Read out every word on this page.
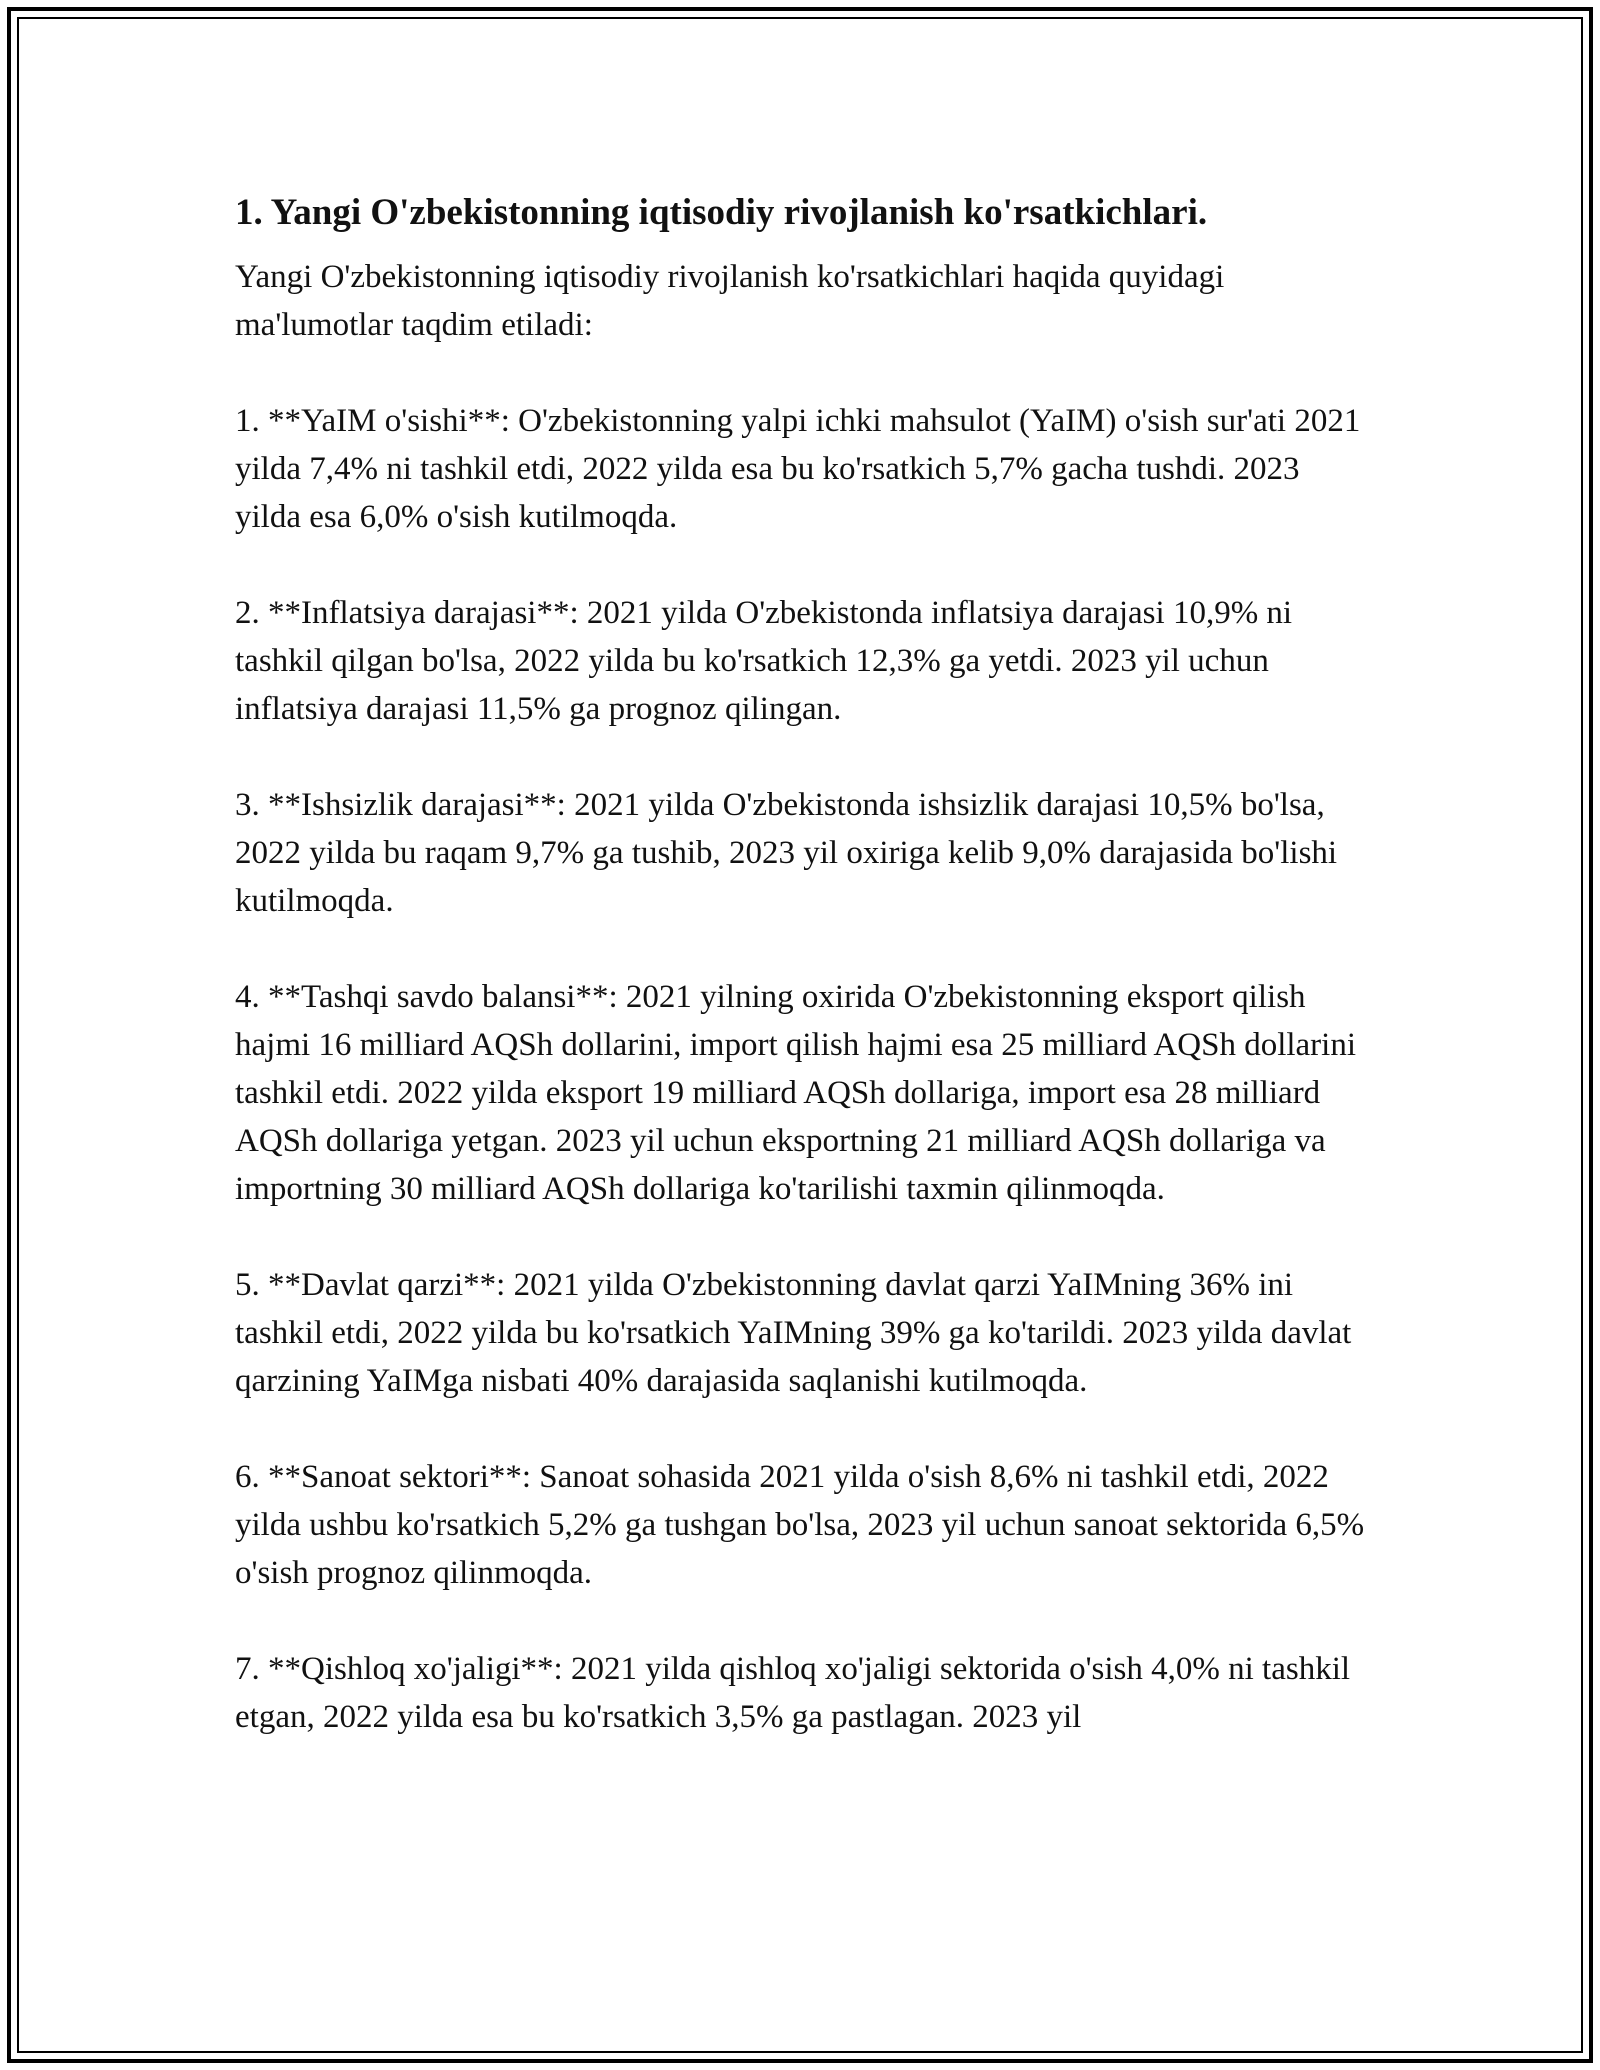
1. Yangi O'zbekistonning iqtisodiy rivojlanish ko'rsatkichlari.

Yangi O'zbekistonning iqtisodiy rivojlanish ko'rsatkichlari haqida quyidagi ma'lumotlar taqdim etiladi:

1. **YaIM o'sishi**: O'zbekistonning yalpi ichki mahsulot (YaIM) o'sish sur'ati 2021 yilda 7,4% ni tashkil etdi, 2022 yilda esa bu ko'rsatkich 5,7% gacha tushdi. 2023 yilda esa 6,0% o'sish kutilmoqda.

2. **Inflatsiya darajasi**: 2021 yilda O'zbekistonda inflatsiya darajasi 10,9% ni tashkil qilgan bo'lsa, 2022 yilda bu ko'rsatkich 12,3% ga yetdi. 2023 yil uchun inflatsiya darajasi 11,5% ga prognoz qilingan.

3. **Ishsizlik darajasi**: 2021 yilda O'zbekistonda ishsizlik darajasi 10,5% bo'lsa, 2022 yilda bu raqam 9,7% ga tushib, 2023 yil oxiriga kelib 9,0% darajasida bo'lishi kutilmoqda.

4. **Tashqi savdo balansi**: 2021 yilning oxirida O'zbekistonning eksport qilish hajmi 16 milliard AQSh dollarini, import qilish hajmi esa 25 milliard AQSh dollarini tashkil etdi. 2022 yilda eksport 19 milliard AQSh dollariga, import esa 28 milliard AQSh dollariga yetgan. 2023 yil uchun eksportning 21 milliard AQSh dollariga va importning 30 milliard AQSh dollariga ko'tarilishi taxmin qilinmoqda.

5. **Davlat qarzi**: 2021 yilda O'zbekistonning davlat qarzi YaIMning 36% ini tashkil etdi, 2022 yilda bu ko'rsatkich YaIMning 39% ga ko'tarildi. 2023 yilda davlat qarzining YaIMga nisbati 40% darajasida saqlanishi kutilmoqda.

6. **Sanoat sektori**: Sanoat sohasida 2021 yilda o'sish 8,6% ni tashkil etdi, 2022 yilda ushbu ko'rsatkich 5,2% ga tushgan bo'lsa, 2023 yil uchun sanoat sektorida 6,5% o'sish prognoz qilinmoqda.

7. **Qishloq xo'jaligi**: 2021 yilda qishloq xo'jaligi sektorida o'sish 4,0% ni tashkil etgan, 2022 yilda esa bu ko'rsatkich 3,5% ga pastlagan. 2023 yil
